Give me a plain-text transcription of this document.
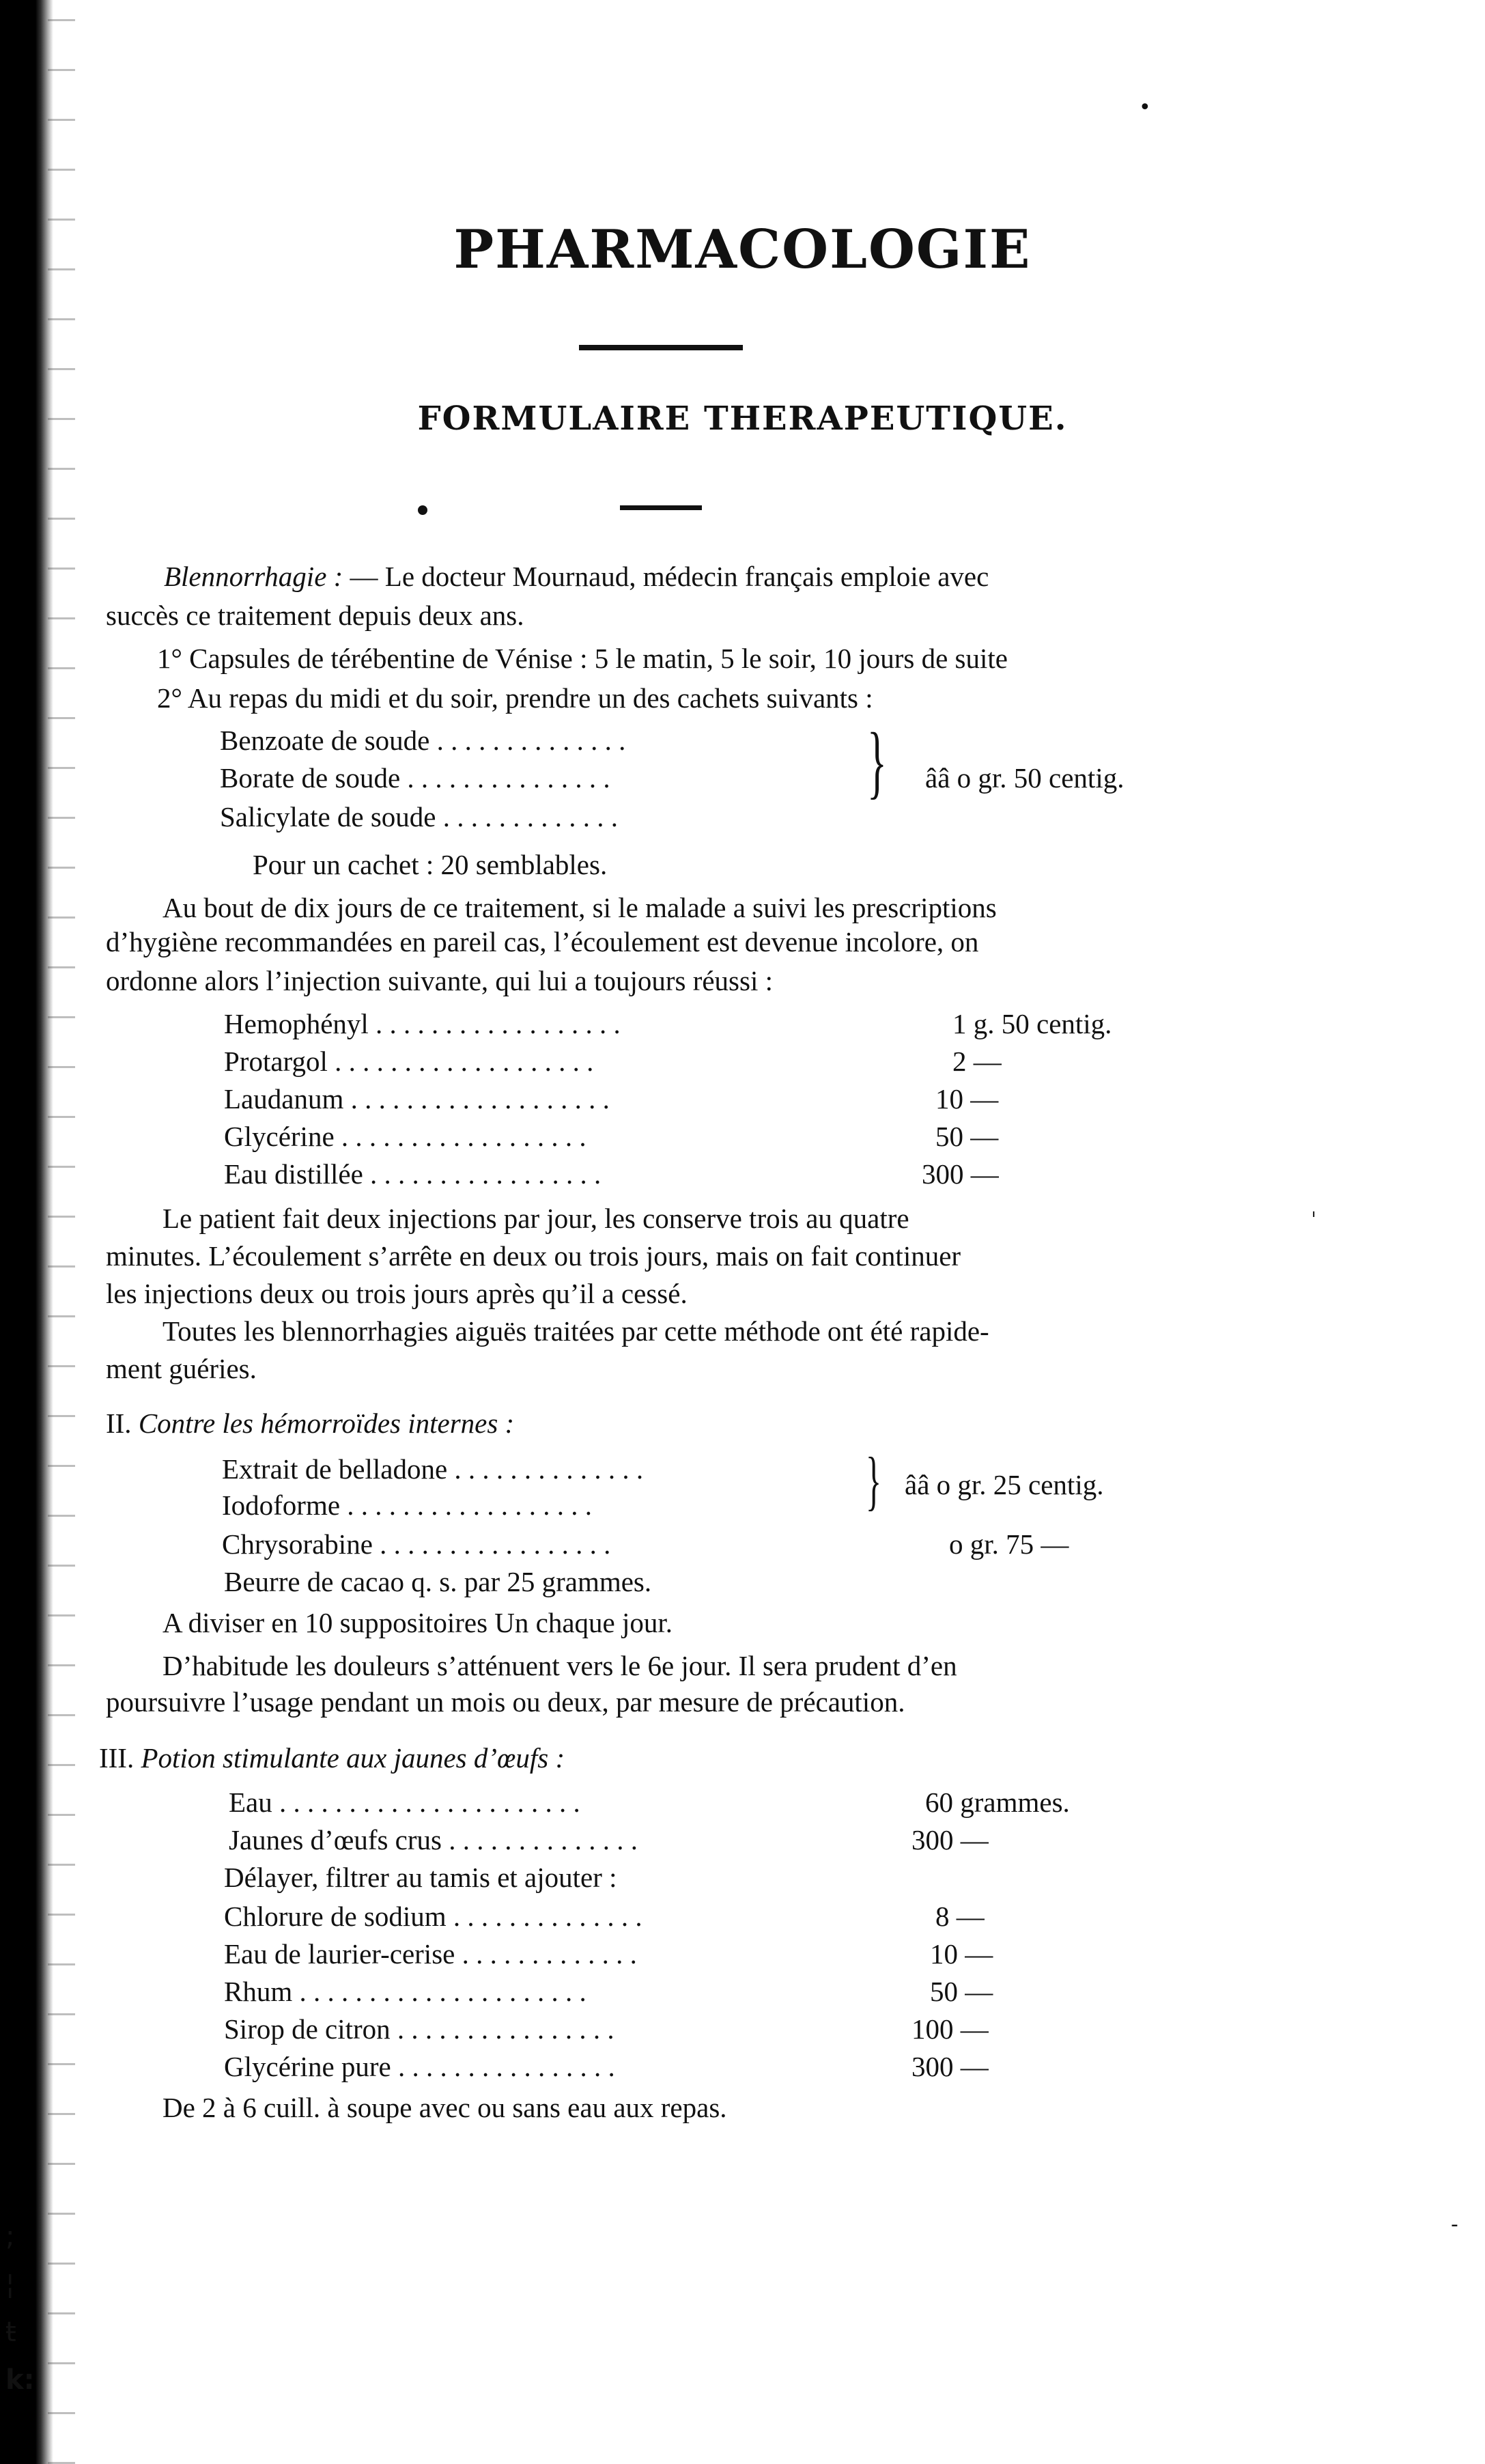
•
ˈ
-
PHARMACOLOGIE
FORMULAIRE THERAPEUTIQUE.
Blennorrhagie : — Le docteur Mournaud, médecin français emploie avec
succès ce traitement depuis deux ans.
1° Capsules de térébentine de Vénise : 5 le matin, 5 le soir, 10 jours de suite
2° Au repas du midi et du soir, prendre un des cachets suivants :
Benzoate de soude . . . . . . . . . . . . . .
Borate de soude . . . . . . . . . . . . . . .
Salicylate de soude . . . . . . . . . . . . .
} ââ o gr. 50 centig.
Pour un cachet : 20 semblables.
Au bout de dix jours de ce traitement, si le malade a suivi les prescriptions
d’hygiène recommandées en pareil cas, l’écoulement est devenue incolore, on
ordonne alors l’injection suivante, qui lui a toujours réussi :
Hemophényl . . . . . . . . . . . . . . . . . .	1 g. 50 centig.
Protargol . . . . . . . . . . . . . . . . . . .	2 —
Laudanum . . . . . . . . . . . . . . . . . . .	10 —
Glycérine . . . . . . . . . . . . . . . . . .	50 —
Eau distillée . . . . . . . . . . . . . . . . .	300 —
Le patient fait deux injections par jour, les conserve trois au quatre
minutes. L’écoulement s’arrête en deux ou trois jours, mais on fait continuer
les injections deux ou trois jours après qu’il a cessé.
Toutes les blennorrhagies aiguës traitées par cette méthode ont été rapide-
ment guéries.
II. Contre les hémorroïdes internes :
Extrait de belladone . . . . . . . . . . . . . .
Iodoforme . . . . . . . . . . . . . . . . . .	} ââ o gr. 25 centig.
Chrysorabine . . . . . . . . . . . . . . . . .	o gr. 75 —
Beurre de cacao q. s. par 25 grammes.
A diviser en 10 suppositoires Un chaque jour.
D’habitude les douleurs s’atténuent vers le 6e jour. Il sera prudent d’en
poursuivre l’usage pendant un mois ou deux, par mesure de précaution.
III. Potion stimulante aux jaunes d’œufs :
Eau . . . . . . . . . . . . . . . . . . . . . .	60 grammes.
Jaunes d’œufs crus . . . . . . . . . . . . . .	300 —
Délayer, filtrer au tamis et ajouter :
Chlorure de sodium . . . . . . . . . . . . . .	8 —
Eau de laurier-cerise . . . . . . . . . . . . .	10 —
Rhum . . . . . . . . . . . . . . . . . . . . .	50 —
Sirop de citron . . . . . . . . . . . . . . . .	100 —
Glycérine pure . . . . . . . . . . . . . . . .	300 —
De 2 à 6 cuill. à soupe avec ou sans eau aux repas.
;
¦
ŧ
k:
